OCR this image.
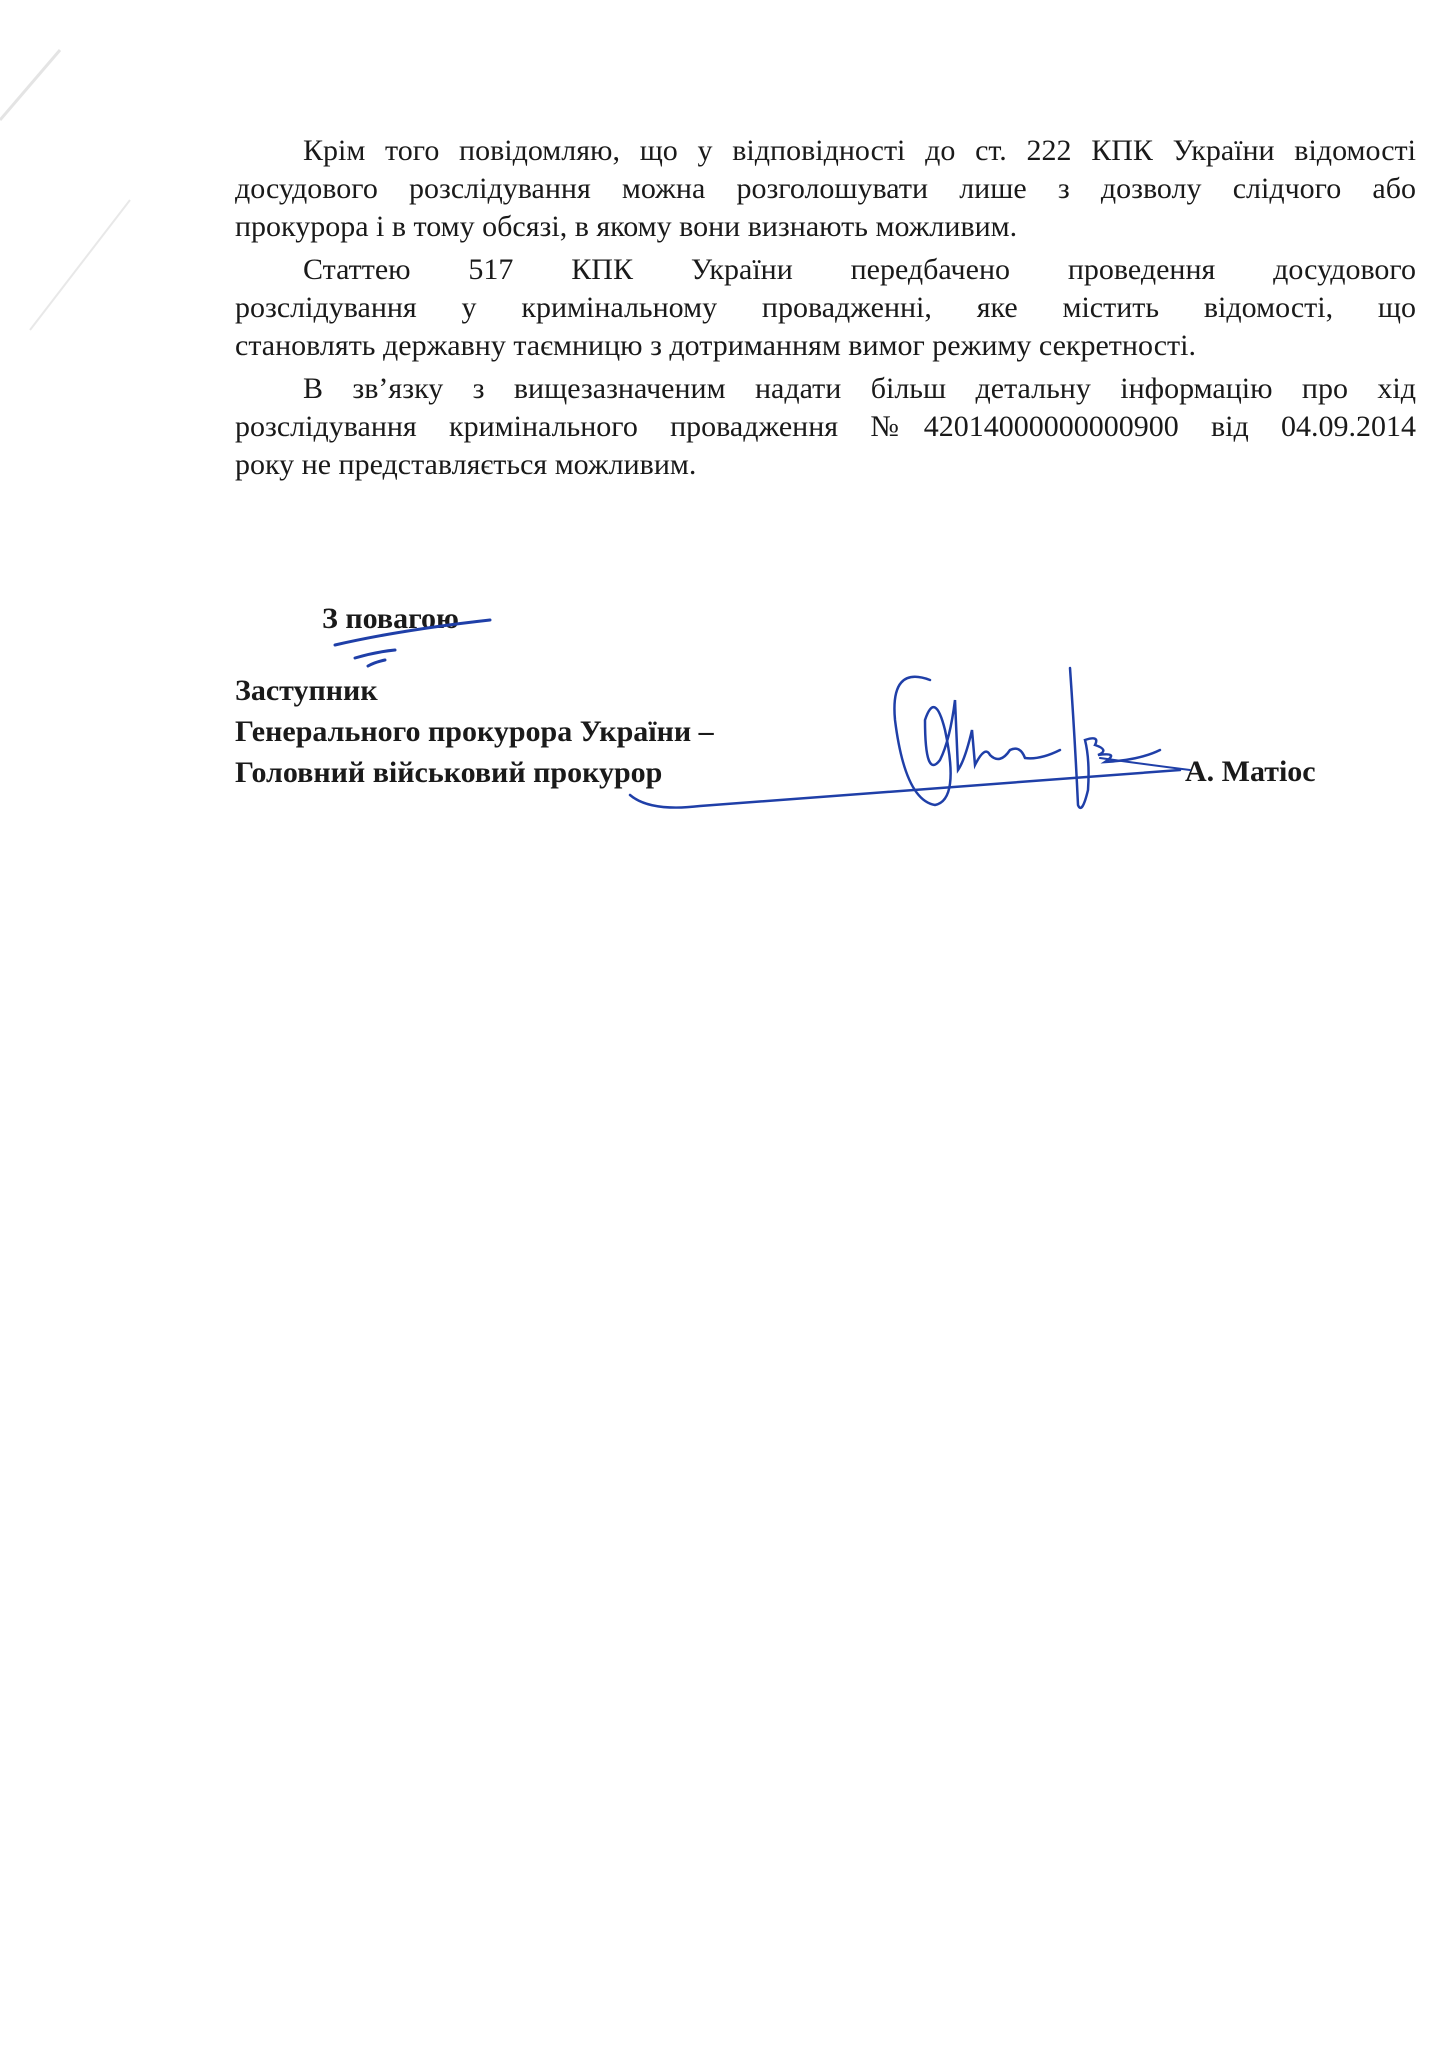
Крім того повідомляю, що у відповідності до ст. 222 КПК України відомості
досудового розслідування можна розголошувати лише з дозволу слідчого або
прокурора і в тому обсязі, в якому вони визнають можливим.
Статтею 517 КПК України передбачено проведення досудового
розслідування у кримінальному провадженні, яке містить відомості, що
становлять державну таємницю з дотриманням вимог режиму секретності.
В зв’язку з вищезазначеним надати більш детальну інформацію про хід
розслідування кримінального провадження №42014000000000900 від 04.09.2014
року не представляється можливим.
З повагою
Заступник
Генерального прокурора України –
Головний військовий прокурор	А. Матіос
